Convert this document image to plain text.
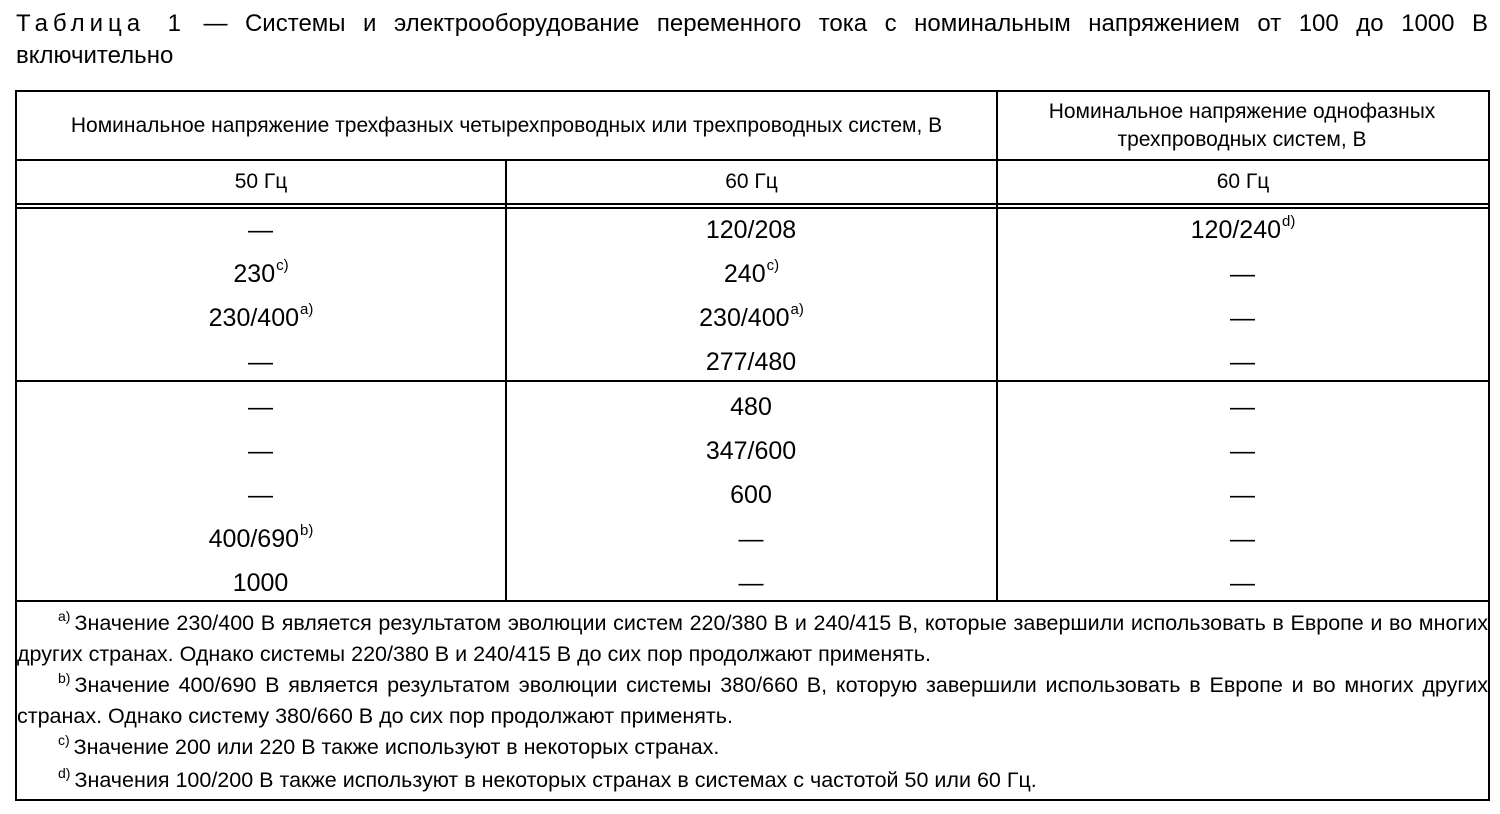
Таблица 1 — Системы и электрооборудование переменного тока с номинальным напряжением от 100 до 1000 В включительно
Номинальное напряжение трехфазных четырехпроводных или трехпроводных систем, В
Номинальное напряжение однофазных трехпроводных систем, В
50 Гц	60 Гц	60 Гц
—	120/208	120/240$^{d)}$
230$^{c)}$	240$^{c)}$	—
230/400$^{a)}$	230/400$^{a)}$	—
—	277/480	—
—	480	—
—	347/600	—
—	600	—
400/690$^{b)}$	—	—
1000	—	—
$^{a)}$ Значение 230/400 В является результатом эволюции систем 220/380 В и 240/415 В, которые завершили использовать в Европе и во многих других странах. Однако системы 220/380 В и 240/415 В до сих пор продолжают применять.
$^{b)}$ Значение 400/690 В является результатом эволюции системы 380/660 В, которую завершили использовать в Европе и во многих других странах. Однако систему 380/660 В до сих пор продолжают применять.
$^{c)}$ Значение 200 или 220 В также используют в некоторых странах.
$^{d)}$ Значения 100/200 В также используют в некоторых странах в системах с частотой 50 или 60 Гц.
